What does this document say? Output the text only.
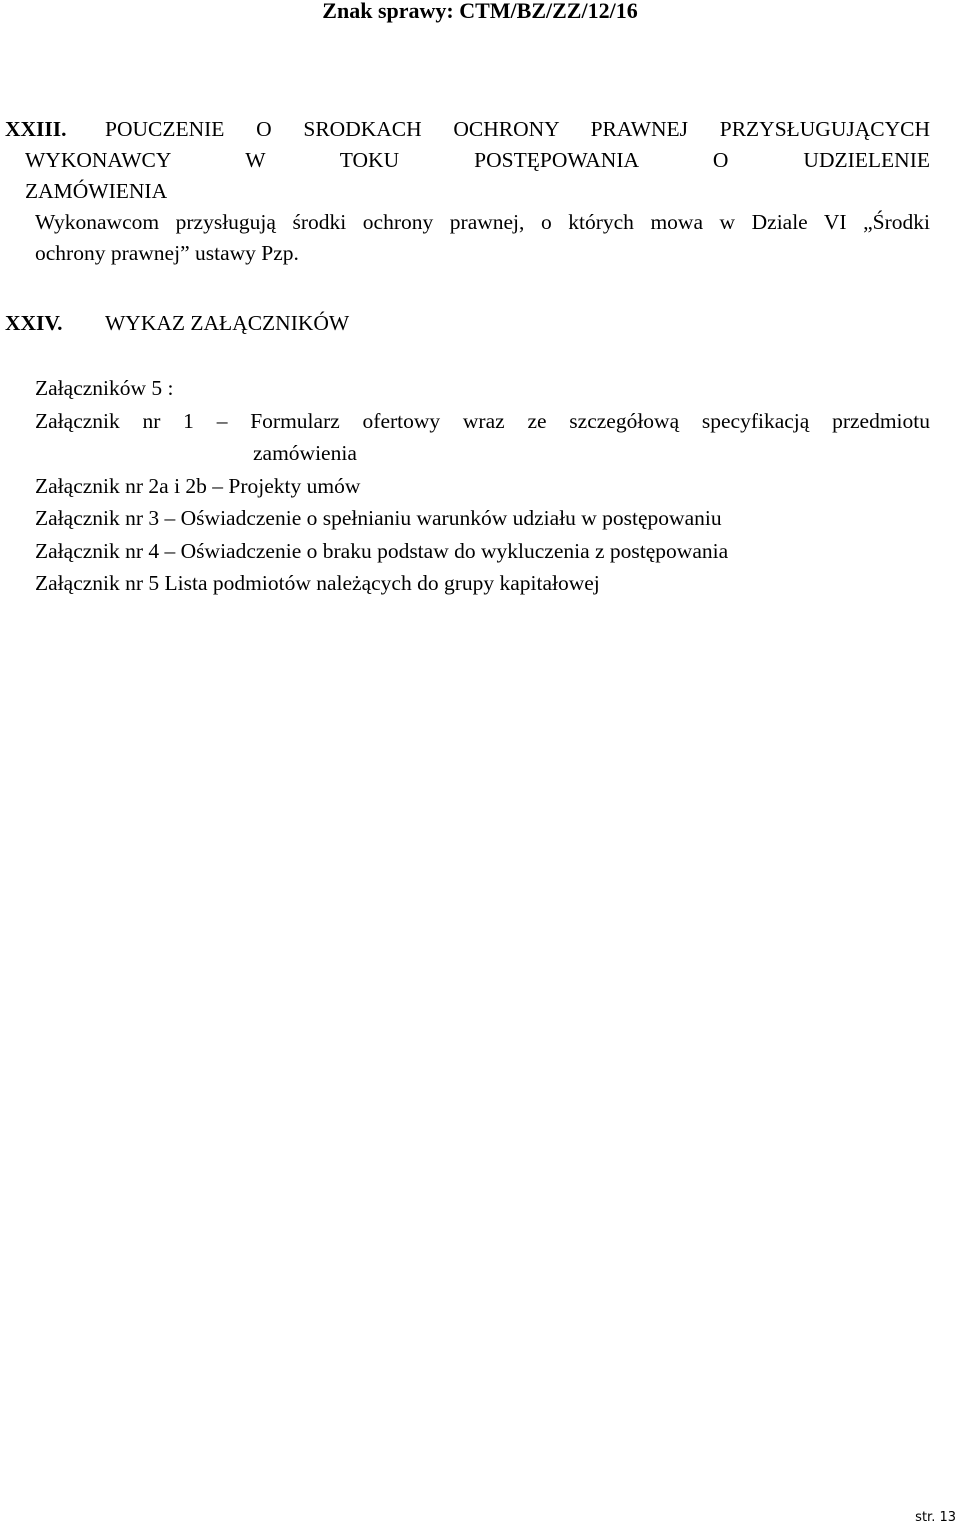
Znak sprawy: CTM/BZ/ZZ/12/16
XXIII.	POUCZENIE O SRODKACH OCHRONY PRAWNEJ PRZYSŁUGUJĄCYCH
WYKONAWCY W TOKU POSTĘPOWANIA O UDZIELENIE
ZAMÓWIENIA
Wykonawcom przysługują środki ochrony prawnej, o których mowa w Dziale VI „Środki
ochrony prawnej” ustawy Pzp.
XXIV.	WYKAZ ZAŁĄCZNIKÓW
Załączników 5 :
Załącznik nr 1 – Formularz ofertowy wraz ze szczegółową specyfikacją przedmiotu
zamówienia
Załącznik nr 2a i 2b – Projekty umów
Załącznik nr 3 – Oświadczenie o spełnianiu warunków udziału w postępowaniu
Załącznik nr 4 – Oświadczenie o braku podstaw do wykluczenia z postępowania
Załącznik nr 5 Lista podmiotów należących do grupy kapitałowej
str. 13
